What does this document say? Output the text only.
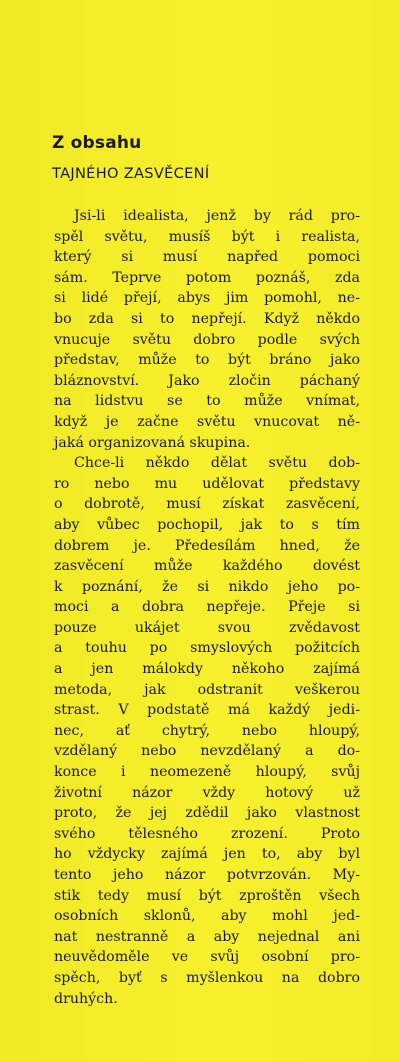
Z obsahu
TAJNÉHO ZASVĚCENÍ
Jsi-li idealista, jenž by rád pro-
spěl světu, musíš být i realista,
který si musí napřed pomoci
sám. Teprve potom poznáš, zda
si lidé přejí, abys jim pomohl, ne-
bo zda si to nepřejí. Když někdo
vnucuje světu dobro podle svých
představ, může to být bráno jako
bláznovství. Jako zločin páchaný
na lidstvu se to může vnímat,
když je začne světu vnucovat ně-
jaká organizovaná skupina.
Chce-li někdo dělat světu dob-
ro nebo mu udělovat představy
o dobrotě, musí získat zasvěcení,
aby vůbec pochopil, jak to s tím
dobrem je. Předesílám hned, že
zasvěcení může každého dovést
k poznání, že si nikdo jeho po-
moci a dobra nepřeje. Přeje si
pouze ukájet svou zvědavost
a touhu po smyslových požitcích
a jen málokdy někoho zajímá
metoda, jak odstranit veškerou
strast. V podstatě má každý jedi-
nec, ať chytrý, nebo hloupý,
vzdělaný nebo nevzdělaný a do-
konce i neomezeně hloupý, svůj
životní názor vždy hotový už
proto, že jej zdědil jako vlastnost
svého tělesného zrození. Proto
ho vždycky zajímá jen to, aby byl
tento jeho názor potvrzován. My-
stik tedy musí být zproštěn všech
osobních sklonů, aby mohl jed-
nat nestranně a aby nejednal ani
neuvědoměle ve svůj osobní pro-
spěch, byť s myšlenkou na dobro
druhých.
